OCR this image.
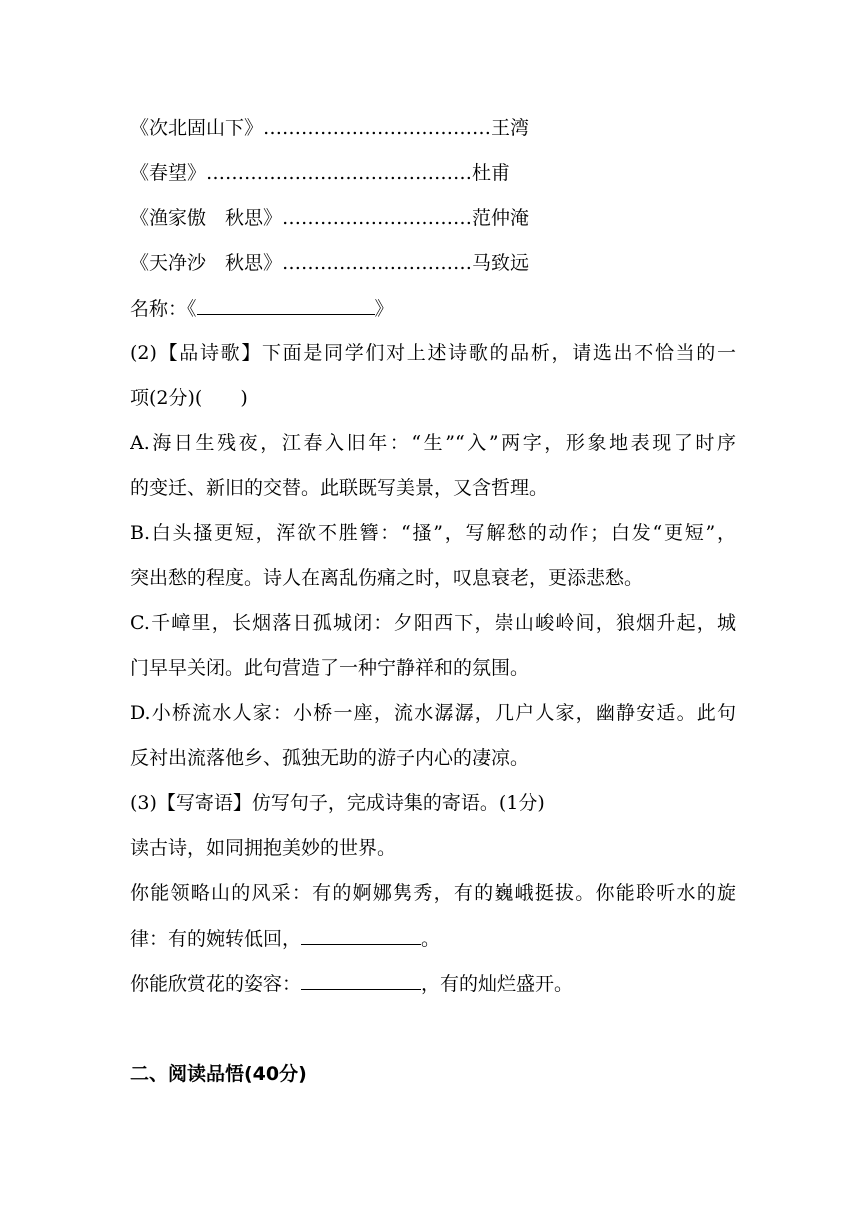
《次北固山下》………………………………王湾
《春望》……………………………………杜甫
《渔家傲　秋思》…………………………范仲淹
《天净沙　秋思》…………………………马致远
名称：《	》
(2)【品诗歌】下面是同学们对上述诗歌的品析，请选出不恰当的一
项(2分)(　　)
A.海日生残夜，江春入旧年：“生”“入”两字，形象地表现了时序
的变迁、新旧的交替。此联既写美景，又含哲理。
B.白头搔更短，浑欲不胜簪：“搔”，写解愁的动作；白发“更短”，
突出愁的程度。诗人在离乱伤痛之时，叹息衰老，更添悲愁。
C.千嶂里，长烟落日孤城闭：夕阳西下，崇山峻岭间，狼烟升起，城
门早早关闭。此句营造了一种宁静祥和的氛围。
D.小桥流水人家：小桥一座，流水潺潺，几户人家，幽静安适。此句
反衬出流落他乡、孤独无助的游子内心的凄凉。
(3)【写寄语】仿写句子，完成诗集的寄语。(1分)
读古诗，如同拥抱美妙的世界。
你能领略山的风采：有的婀娜隽秀，有的巍峨挺拔。你能聆听水的旋
律：有的婉转低回，	。
你能欣赏花的姿容：	，有的灿烂盛开。
二、阅读品悟(40分)
